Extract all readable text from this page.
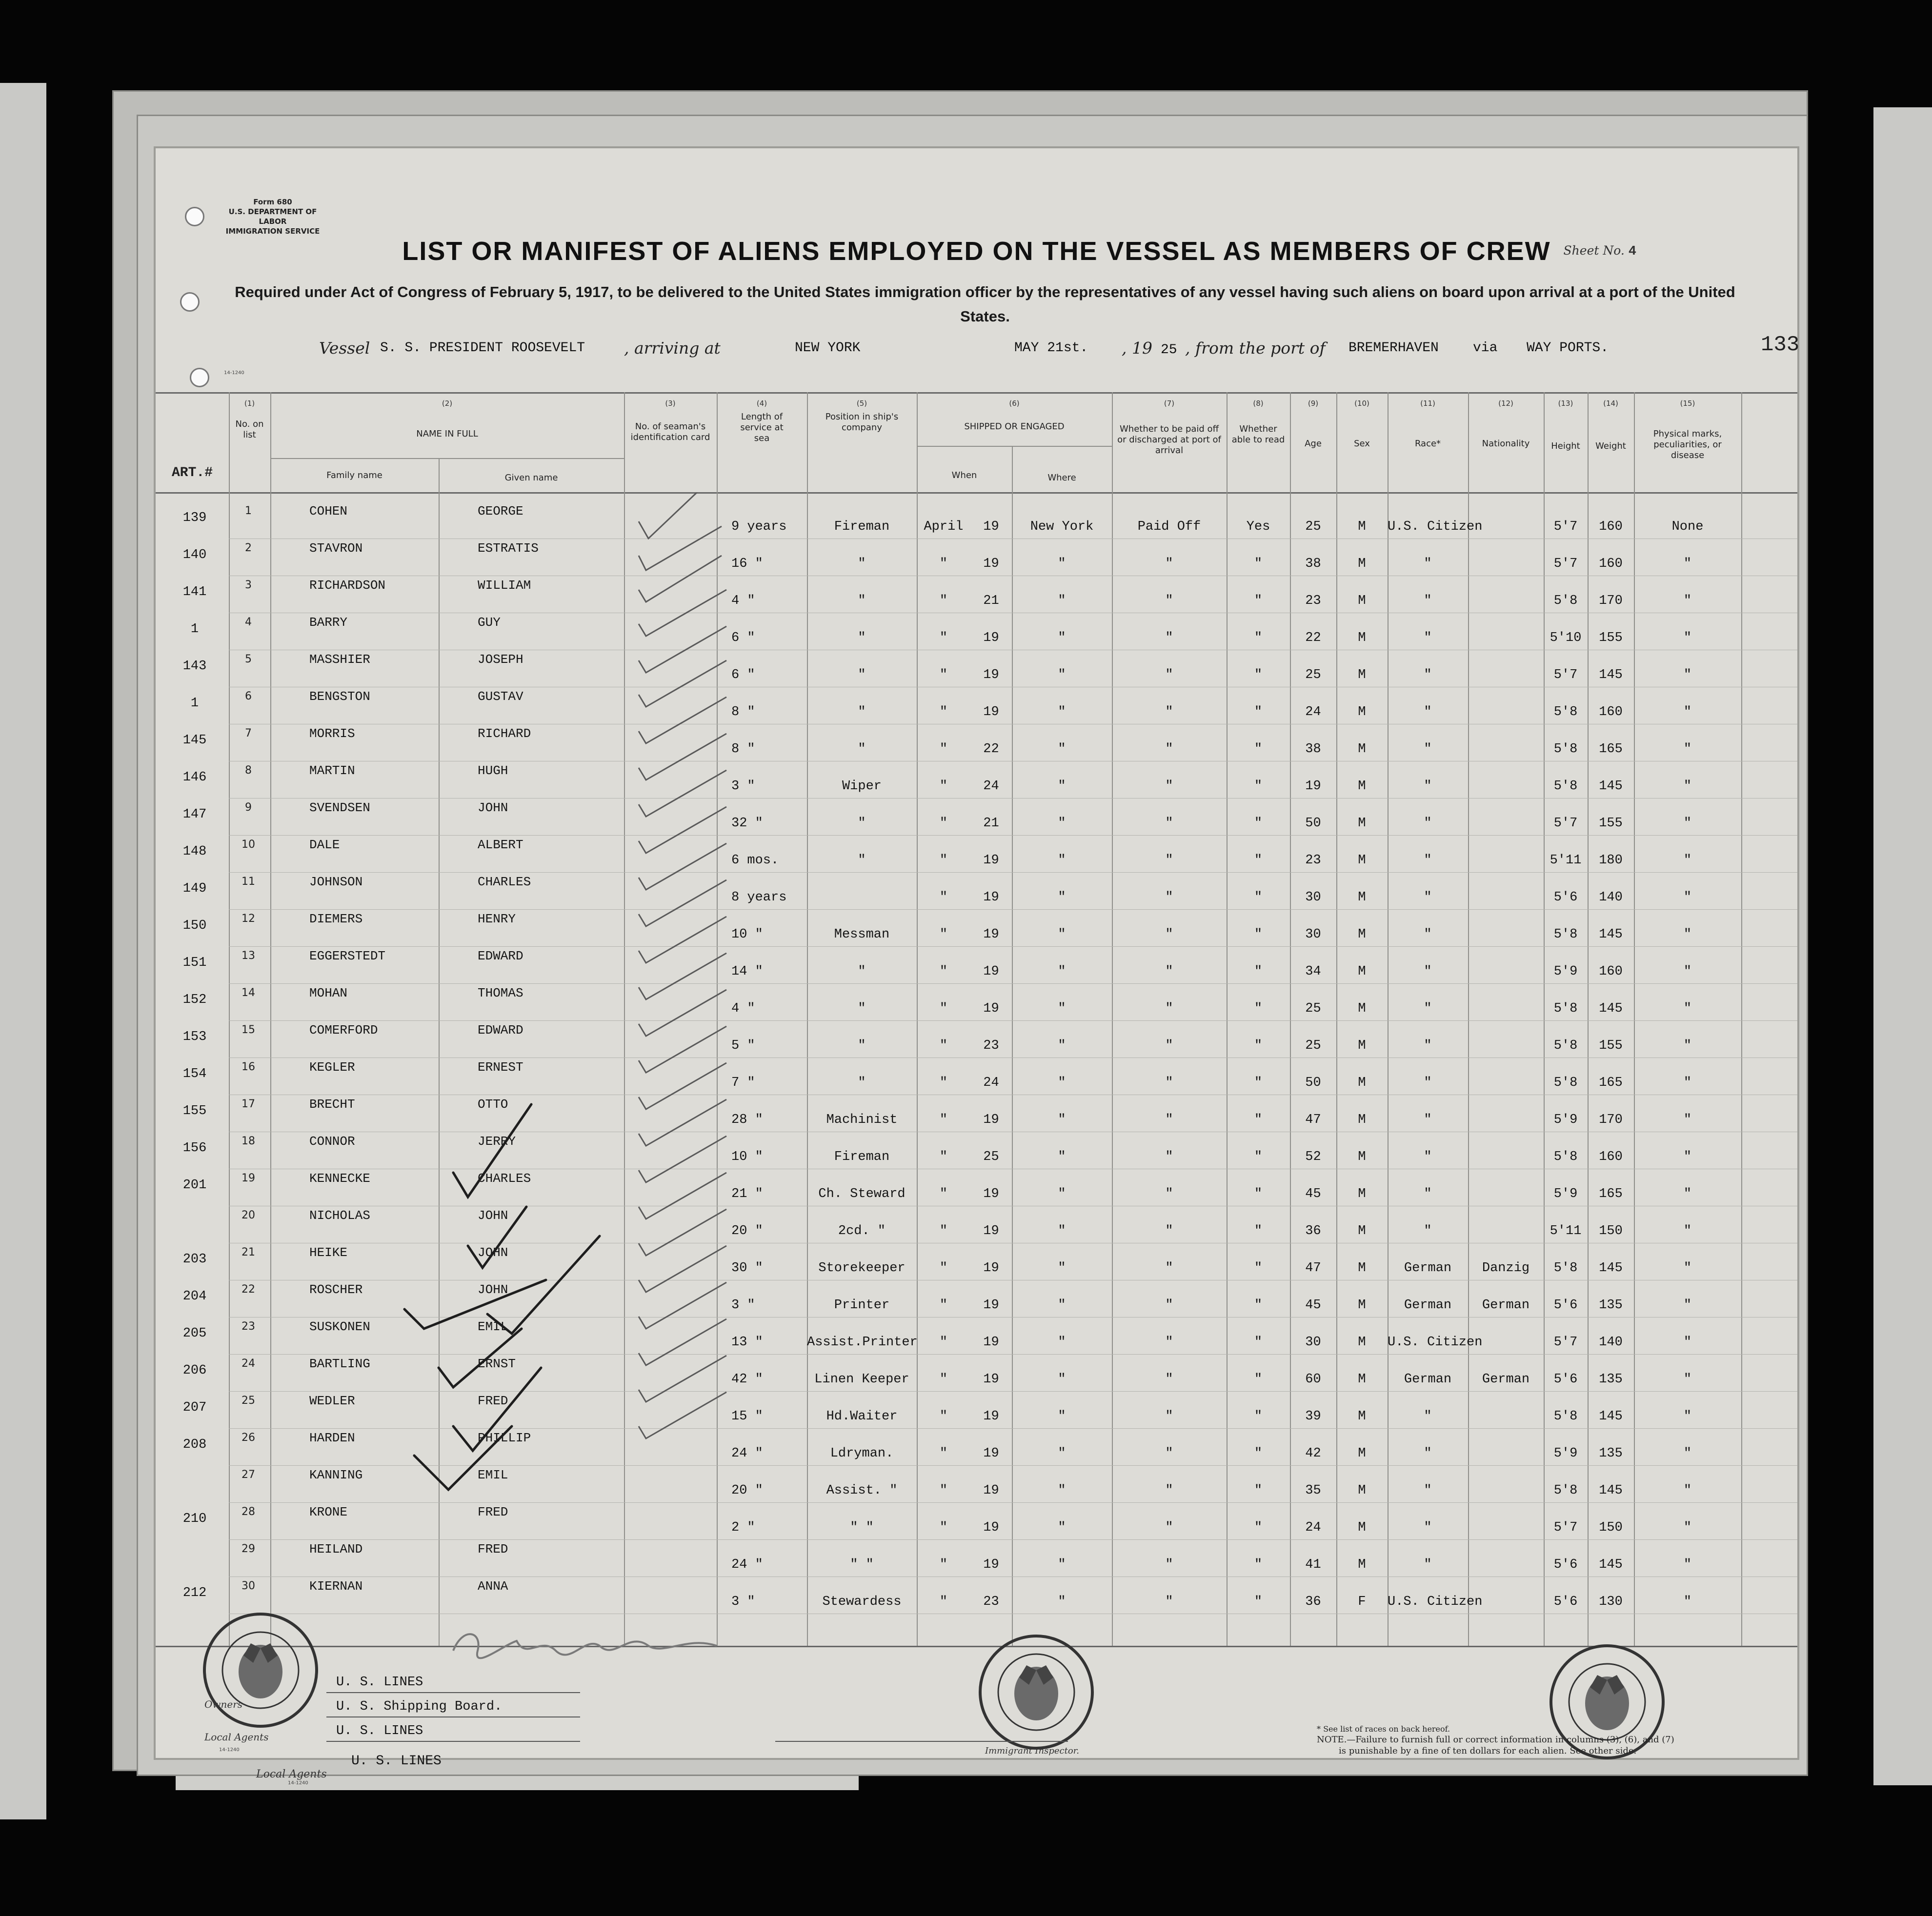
Form 680
U.S. DEPARTMENT OF LABOR
IMMIGRATION SERVICE
Sheet No. 4
LIST OR MANIFEST OF ALIENS EMPLOYED ON THE VESSEL AS MEMBERS OF CREW
Required under Act of Congress of February 5, 1917, to be delivered to the United States immigration officer by the representatives of any vessel having such aliens on board upon arrival at a port of the United States.
Vessel S. S. PRESIDENT ROOSEVELT , arriving at	NEW YORK	MAY 21st. , 19 25 , from the port of BREMERHAVEN	via WAY PORTS.	133
14-1240
(1)	(2)	(3)	(4)	(5)	(6)	(7)	(8)	(9)	(10)	(11)	(12)	(13)	(14)	(15)
ART.#
No. on list	NAME IN FULL
Family name	Given name
No. of seaman's identification card
Length of service at sea
Position in ship's company	SHIPPED OR ENGAGED
When	Where
Whether to be paid off or discharged at port of arrival
Whether able to read	Age	Sex	Race*	Nationality	Height	Weight
Physical marks, peculiarities, or disease
139	1	COHEN	GEORGE
9 years	Fireman	April	19	New York	Paid Off	Yes	25	M	U.S. Citizen	5'7	160	None
140	2	STAVRON	ESTRATIS
16 "	"	"	19	"	"	"	38	M	"	5'7	160	"
141	3	RICHARDSON	WILLIAM
4 "	"	"	21	"	"	"	23	M	"	5'8	170	"
1	4	BARRY	GUY
6 "	"	"	19	"	"	"	22	M	"	5'10	155	"
143	5	MASSHIER	JOSEPH
6 "	"	"	19	"	"	"	25	M	"	5'7	145	"
1	6	BENGSTON	GUSTAV
8 "	"	"	19	"	"	"	24	M	"	5'8	160	"
145	7	MORRIS	RICHARD
8 "	"	"	22	"	"	"	38	M	"	5'8	165	"
146	8	MARTIN	HUGH
3 "	Wiper	"	24	"	"	"	19	M	"	5'8	145	"
147	9	SVENDSEN	JOHN
32 "	"	"	21	"	"	"	50	M	"	5'7	155	"
148	10	DALE	ALBERT
6 mos.	"	"	19	"	"	"	23	M	"	5'11	180	"
149	11	JOHNSON	CHARLES
8 years	"	19	"	"	"	30	M	"	5'6	140	"
150	12	DIEMERS	HENRY
10 "	Messman	"	19	"	"	"	30	M	"	5'8	145	"
151	13	EGGERSTEDT	EDWARD
14 "	"	"	19	"	"	"	34	M	"	5'9	160	"
152	14	MOHAN	THOMAS
4 "	"	"	19	"	"	"	25	M	"	5'8	145	"
153	15	COMERFORD	EDWARD
5 "	"	"	23	"	"	"	25	M	"	5'8	155	"
154	16	KEGLER	ERNEST
7 "	"	"	24	"	"	"	50	M	"	5'8	165	"
155	17	BRECHT	OTTO
28 "	Machinist	"	19	"	"	"	47	M	"	5'9	170	"
156	18	CONNOR	JERRY
10 "	Fireman	"	25	"	"	"	52	M	"	5'8	160	"
201	19	KENNECKE	CHARLES
21 "	Ch. Steward	"	19	"	"	"	45	M	"	5'9	165	"
20	NICHOLAS	JOHN
20 "	2cd. "	"	19	"	"	"	36	M	"	5'11	150	"
203	21	HEIKE	JOHN
30 "	Storekeeper	"	19	"	"	"	47	M	German	Danzig	5'8	145	"
204	22	ROSCHER	JOHN
3 "	Printer	"	19	"	"	"	45	M	German	German	5'6	135	"
205	23	SUSKONEN	EMIL
13 "	Assist.Printer	"	19	"	"	"	30	M	U.S. Citizen	5'7	140	"
206	24	BARTLING	ERNST
42 "	Linen Keeper	"	19	"	"	"	60	M	German	German	5'6	135	"
207	25	WEDLER	FRED
15 "	Hd.Waiter	"	19	"	"	"	39	M	"	5'8	145	"
208	26	HARDEN	PHILLIP
24 "	Ldryman.	"	19	"	"	"	42	M	"	5'9	135	"
27	KANNING	EMIL
20 "	Assist. "	"	19	"	"	"	35	M	"	5'8	145	"
210	28	KRONE	FRED
2 "	" "	"	19	"	"	"	24	M	"	5'7	150	"
29	HEILAND	FRED
24 "	" "	"	19	"	"	"	41	M	"	5'6	145	"
212	30	KIERNAN	ANNA
3 "	Stewardess	"	23	"	"	"	36	F	U.S. Citizen	5'6	130	"
U. S. LINES
Owners	U. S. Shipping Board.
U. S. LINES
Local Agents
14-1240	Immigrant Inspector.
* See list of races on back hereof.
NOTE.—Failure to furnish full or correct information in columns (3), (6), and (7)
is punishable by a fine of ten dollars for each alien. See other side.
Local Agents
U. S. LINES
14-1240
